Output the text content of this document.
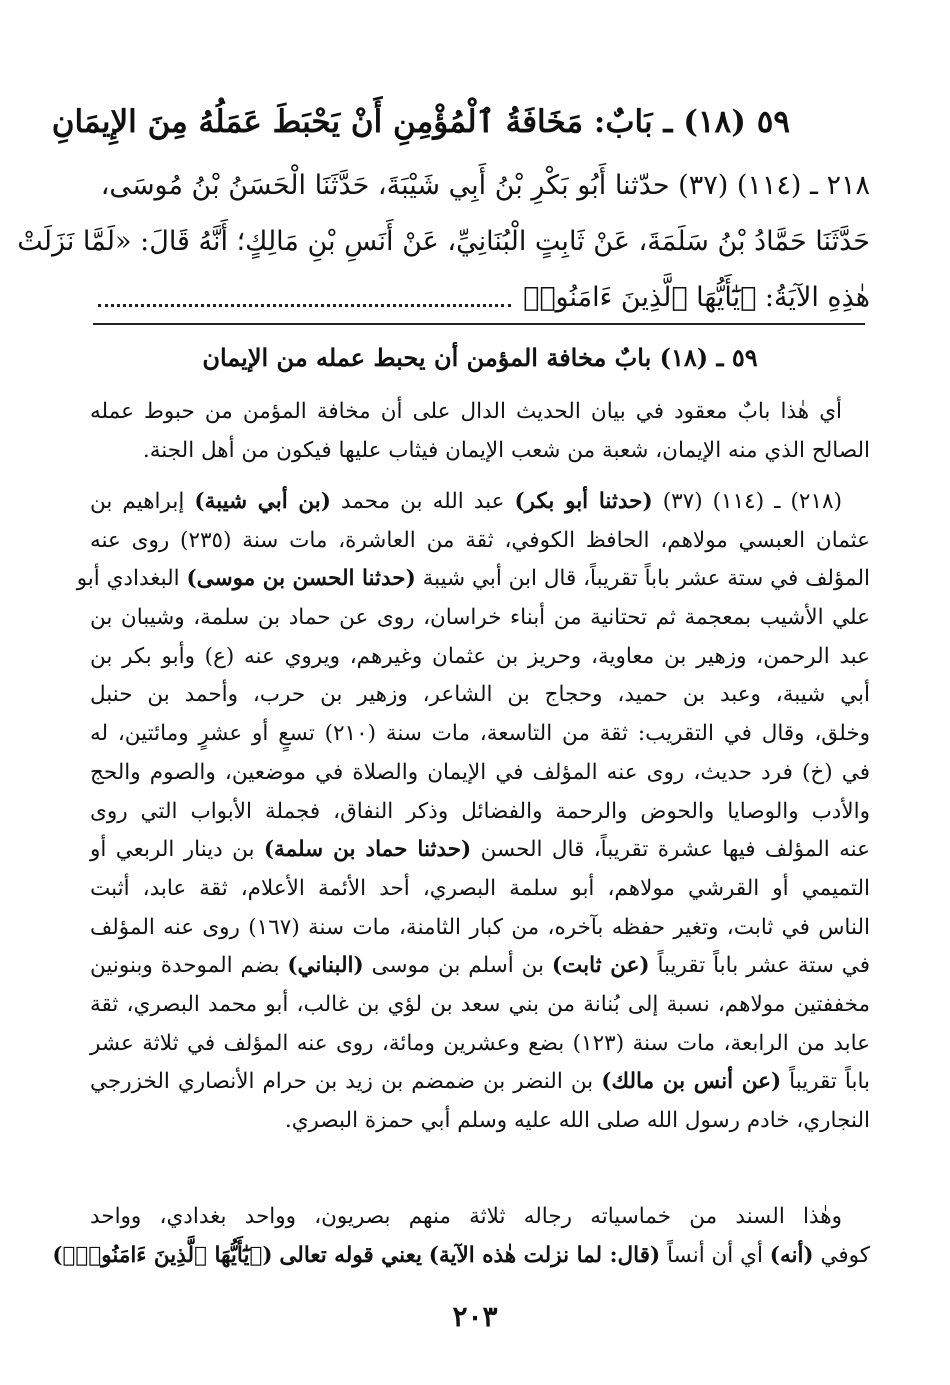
٥٩ (١٨) ـ بَابٌ: مَخَافَةُ ٱلْمُؤْمِنِ أَنْ يَحْبَطَ عَمَلُهُ مِنَ الإِيمَانِ
٢١٨ ـ (١١٤) (٣٧) حدّثنا أَبُو بَكْرِ بْنُ أَبِي شَيْبَةَ، حَدَّثَنَا الْحَسَنُ بْنُ مُوسَى،
حَدَّثَنَا حَمَّادُ بْنُ سَلَمَةَ، عَنْ ثَابِتٍ الْبُنَانِيِّ، عَنْ أَنَسِ بْنِ مَالِكٍ؛ أَنَّهُ قَالَ: «لَمَّا نَزَلَتْ
هٰذِهِ الآيَةُ: ﴿يَٰٓأَيُّهَا ٱلَّذِينَ ءَامَنُوا۟
٥٩ ـ (١٨) بابٌ مخافة المؤمن أن يحبط عمله من الإيمان
أي هٰذا بابٌ معقود في بيان الحديث الدال على أن مخافة المؤمن من حبوط عمله
الصالح الذي منه الإيمان، شعبة من شعب الإيمان فيثاب عليها فيكون من أهل الجنة.
(٢١٨) ـ (١١٤) (٣٧) (حدثنا أبو بكر) عبد الله بن محمد (بن أبي شيبة) إبراهيم بن
عثمان العبسي مولاهم، الحافظ الكوفي، ثقة من العاشرة، مات سنة (٢٣٥) روى عنه
المؤلف في ستة عشر باباً تقريباً، قال ابن أبي شيبة (حدثنا الحسن بن موسى) البغدادي أبو
علي الأشيب بمعجمة ثم تحتانية من أبناء خراسان، روى عن حماد بن سلمة، وشيبان بن
عبد الرحمن، وزهير بن معاوية، وحريز بن عثمان وغيرهم، ويروي عنه (ع) وأبو بكر بن
أبي شيبة، وعبد بن حميد، وحجاج بن الشاعر، وزهير بن حرب، وأحمد بن حنبل
وخلق، وقال في التقريب: ثقة من التاسعة، مات سنة (٢١٠) تسعٍ أو عشرٍ ومائتين، له
في (خ) فرد حديث، روى عنه المؤلف في الإيمان والصلاة في موضعين، والصوم والحج
والأدب والوصايا والحوض والرحمة والفضائل وذكر النفاق، فجملة الأبواب التي روى
عنه المؤلف فيها عشرة تقريباً، قال الحسن (حدثنا حماد بن سلمة) بن دينار الربعي أو
التميمي أو القرشي مولاهم، أبو سلمة البصري، أحد الأئمة الأعلام، ثقة عابد، أثبت
الناس في ثابت، وتغير حفظه بآخره، من كبار الثامنة، مات سنة (١٦٧) روى عنه المؤلف
في ستة عشر باباً تقريباً (عن ثابت) بن أسلم بن موسى (البناني) بضم الموحدة وبنونين
مخففتين مولاهم، نسبة إلى بُنانة من بني سعد بن لؤي بن غالب، أبو محمد البصري، ثقة
عابد من الرابعة، مات سنة (١٢٣) بضع وعشرين ومائة، روى عنه المؤلف في ثلاثة عشر
باباً تقريباً (عن أنس بن مالك) بن النضر بن ضمضم بن زيد بن حرام الأنصاري الخزرجي
النجاري، خادم رسول الله صلى الله عليه وسلم أبي حمزة البصري.
وهٰذا السند من خماسياته رجاله ثلاثة منهم بصريون، وواحد بغدادي، وواحد
كوفي (أنه) أي أن أنساً (قال: لما نزلت هٰذه الآية) يعني قوله تعالى (﴿يَٰٓأَيُّهَا ٱلَّذِينَ ءَامَنُوا۟﴾)
٢٠٣
